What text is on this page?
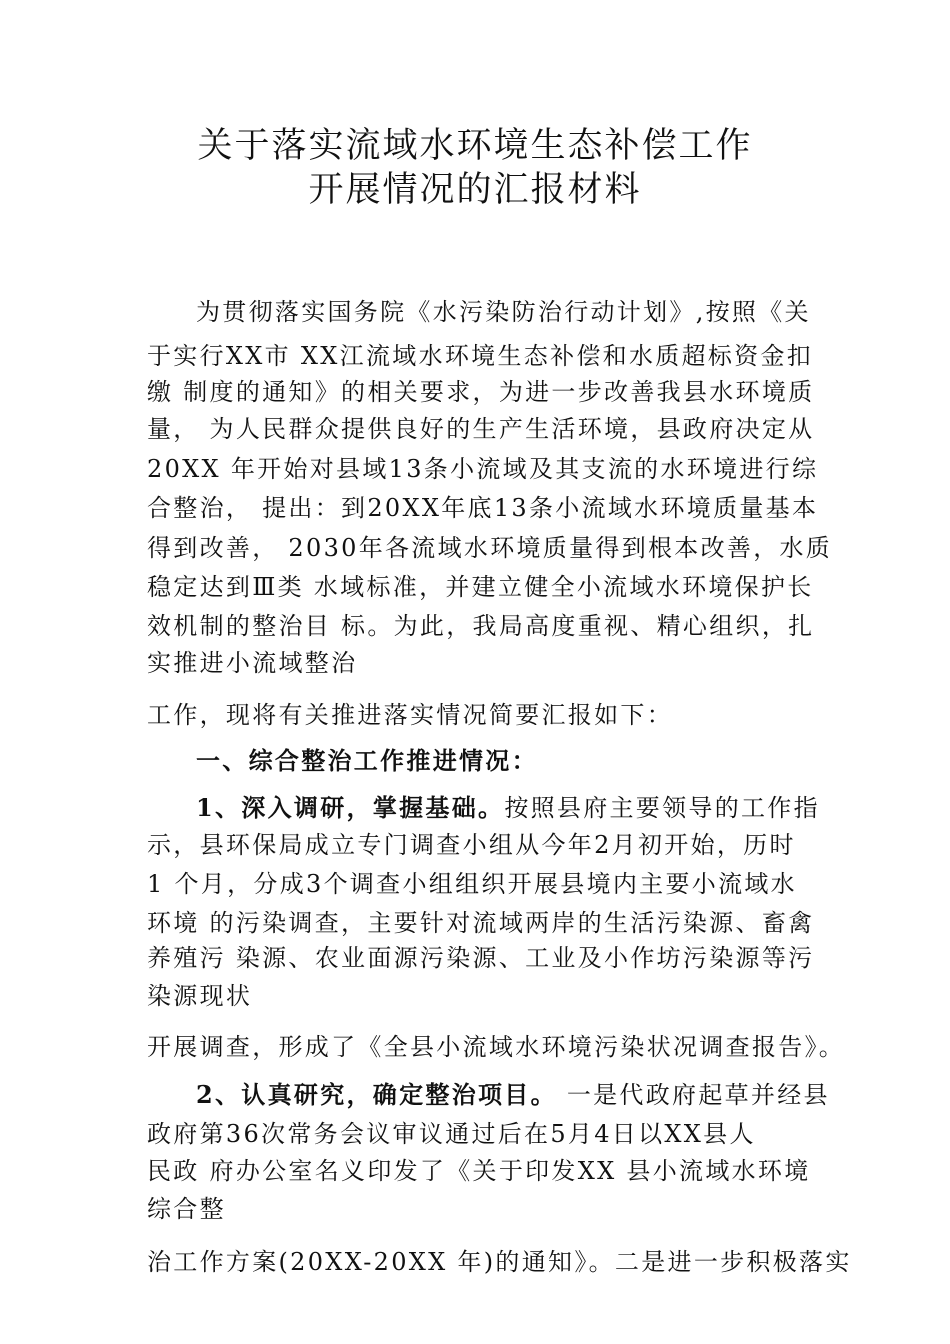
关于落实流域水环境生态补偿工作
开展情况的汇报材料
为贯彻落实国务院《水污染防治行动计划》,按照《关
于实行XX市 XX江流域水环境生态补偿和水质超标资金扣
缴 制度的通知》的相关要求，为进一步改善我县水环境质
量， 为人民群众提供良好的生产生活环境，县政府决定从
20XX 年开始对县域13条小流域及其支流的水环境进行综
合整治， 提出：到20XX年底13条小流域水环境质量基本
得到改善， 2030年各流域水环境质量得到根本改善，水质
稳定达到Ⅲ类 水域标准，并建立健全小流域水环境保护长
效机制的整治目 标。为此，我局高度重视、精心组织，扎
实推进小流域整治
工作，现将有关推进落实情况简要汇报如下：
一、综合整治工作推进情况：
1、深入调研，掌握基础。按照县府主要领导的工作指
示，县环保局成立专门调查小组从今年2月初开始，历时
1 个月，分成3个调查小组组织开展县境内主要小流域水
环境 的污染调查，主要针对流域两岸的生活污染源、畜禽
养殖污 染源、农业面源污染源、工业及小作坊污染源等污
染源现状
开展调查，形成了《全县小流域水环境污染状况调查报告》。
2、认真研究，确定整治项目。 一是代政府起草并经县
政府第36次常务会议审议通过后在5月4日以XX县人
民政 府办公室名义印发了《关于印发XX 县小流域水环境
综合整
治工作方案(20XX-20XX 年)的通知》。二是进一步积极落实
